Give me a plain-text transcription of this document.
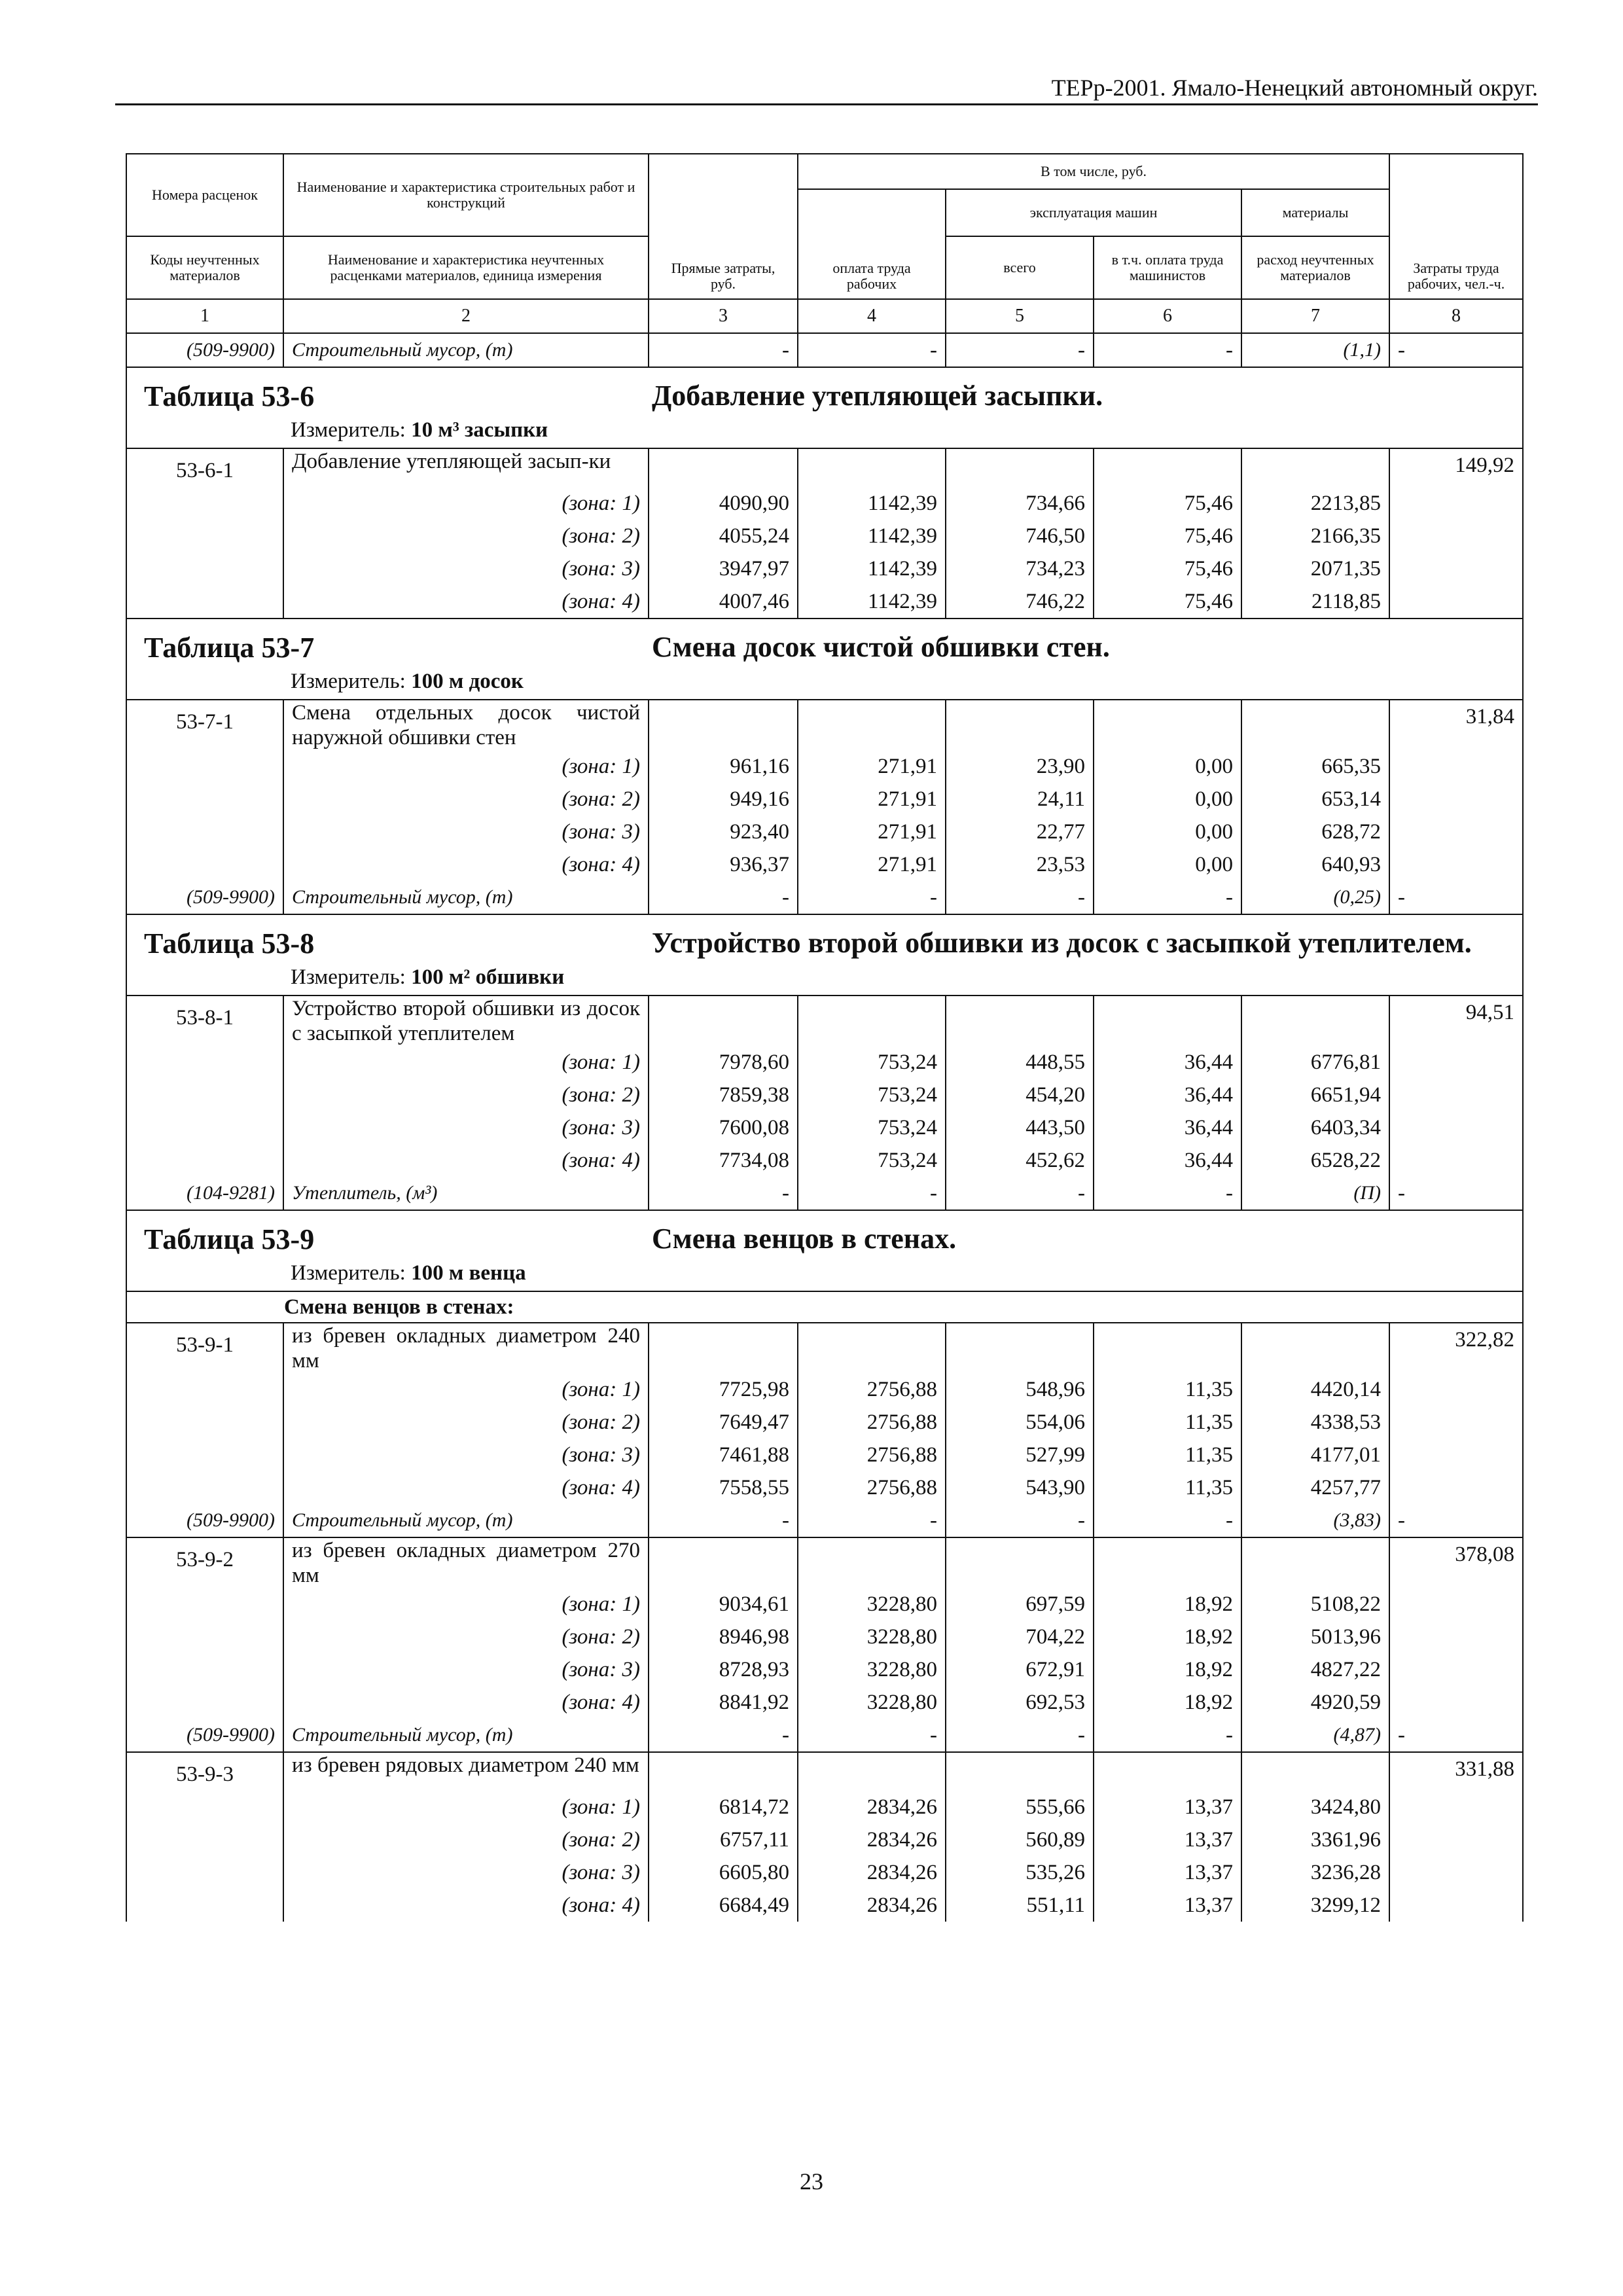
ТЕРр-2001. Ямало-Ненецкий автономный округ.
Номера расценок	Наименование и характеристика строительных работ и конструкций	Прямые затраты, руб.	В том числе, руб.				Затраты труда рабочих, чел.-ч.
			оплата труда рабочих	эксплуатация машин		материалы	
Коды неучтенных материалов	Наименование и характеристика неучтенных расценками материалов, единица измерения			всего	в т.ч. оплата труда машинистов	расход неучтенных материалов	
1	2	3	4	5	6	7	8
(509-9900)	Строительный мусор, (т)	-	-	-	-	(1,1)	-
Таблица 53-6 Добавление утепляющей засыпки.
Измеритель: 10 м³ засыпки							

53-6-1	Добавление утепляющей засып-ки						149,92
	(зона: 1)	4090,90	1142,39	734,66	75,46	2213,85	
	(зона: 2)	4055,24	1142,39	746,50	75,46	2166,35	
	(зона: 3)	3947,97	1142,39	734,23	75,46	2071,35	
	(зона: 4)	4007,46	1142,39	746,22	75,46	2118,85	
Таблица 53-7 Смена досок чистой обшивки стен.
Измеритель: 100 м досок							

53-7-1	Смена отдельных досок чистой наружной обшивки стен						31,84
	(зона: 1)	961,16	271,91	23,90	0,00	665,35	
	(зона: 2)	949,16	271,91	24,11	0,00	653,14	
	(зона: 3)	923,40	271,91	22,77	0,00	628,72	
	(зона: 4)	936,37	271,91	23,53	0,00	640,93	
(509-9900)	Строительный мусор, (т)	-	-	-	-	(0,25)	-
Таблица 53-8 Устройство второй обшивки из досок с засыпкой утеплителем.
Измеритель: 100 м² обшивки							

53-8-1	Устройство второй обшивки из досок с засыпкой утеплителем						94,51
	(зона: 1)	7978,60	753,24	448,55	36,44	6776,81	
	(зона: 2)	7859,38	753,24	454,20	36,44	6651,94	
	(зона: 3)	7600,08	753,24	443,50	36,44	6403,34	
	(зона: 4)	7734,08	753,24	452,62	36,44	6528,22	
(104-9281)	Утеплитель, (м³)	-	-	-	-	(П)	-
Таблица 53-9 Смена венцов в стенах.
Измеритель: 100 м венца							

Смена венцов в стенах:							
53-9-1	из бревен окладных диаметром 240 мм						322,82
	(зона: 1)	7725,98	2756,88	548,96	11,35	4420,14	
	(зона: 2)	7649,47	2756,88	554,06	11,35	4338,53	
	(зона: 3)	7461,88	2756,88	527,99	11,35	4177,01	
	(зона: 4)	7558,55	2756,88	543,90	11,35	4257,77	
(509-9900)	Строительный мусор, (т)	-	-	-	-	(3,83)	-
53-9-2	из бревен окладных диаметром 270 мм						378,08
	(зона: 1)	9034,61	3228,80	697,59	18,92	5108,22	
	(зона: 2)	8946,98	3228,80	704,22	18,92	5013,96	
	(зона: 3)	8728,93	3228,80	672,91	18,92	4827,22	
	(зона: 4)	8841,92	3228,80	692,53	18,92	4920,59	
(509-9900)	Строительный мусор, (т)	-	-	-	-	(4,87)	-
53-9-3	из бревен рядовых диаметром 240 мм						331,88
	(зона: 1)	6814,72	2834,26	555,66	13,37	3424,80	
	(зона: 2)	6757,11	2834,26	560,89	13,37	3361,96	
	(зона: 3)	6605,80	2834,26	535,26	13,37	3236,28	
	(зона: 4)	6684,49	2834,26	551,11	13,37	3299,12	
23
